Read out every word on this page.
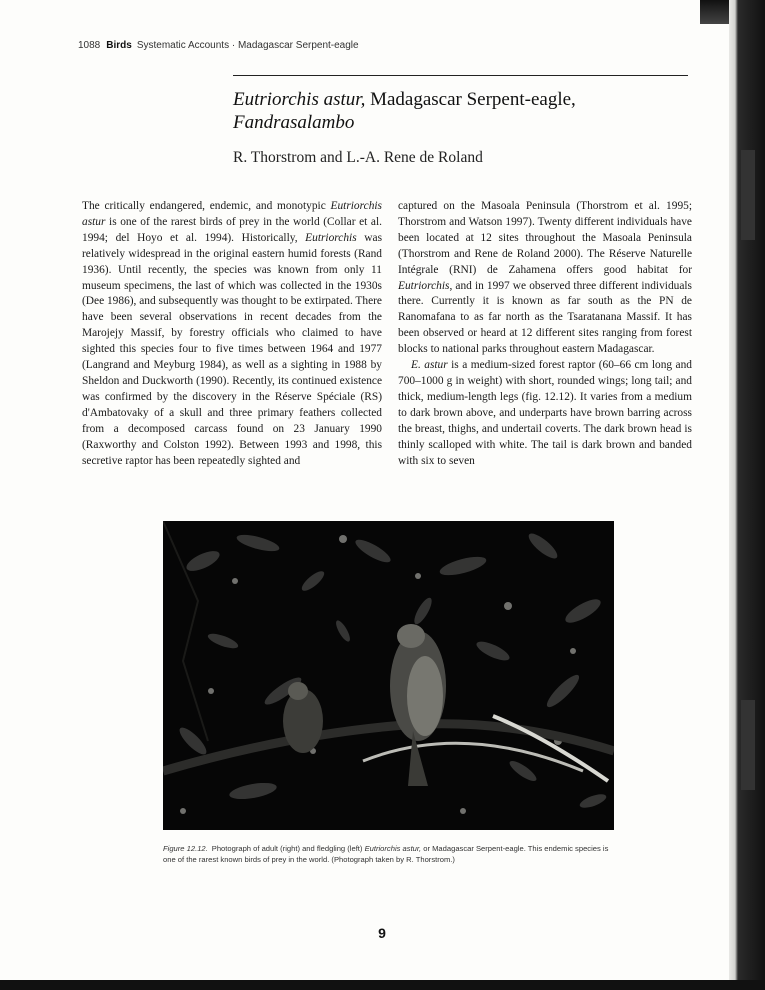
1088 Birds Systematic Accounts · Madagascar Serpent-eagle
Eutriorchis astur, Madagascar Serpent-eagle,
Fandrasalambo
R. Thorstrom and L.-A. Rene de Roland

The critically endangered, endemic, and monotypic Eutriorchis astur is one of the rarest birds of prey in the world (Collar et al. 1994; del Hoyo et al. 1994). Historically, Eutriorchis was relatively widespread in the original eastern humid forests (Rand 1936). Until recently, the species was known from only 11 museum specimens, the last of which was collected in the 1930s (Dee 1986), and subsequently was thought to be extirpated. There have been several observations in recent decades from the Marojejy Massif, by forestry officials who claimed to have sighted this species four to five times between 1964 and 1977 (Langrand and Meyburg 1984), as well as a sighting in 1988 by Sheldon and Duckworth (1990). Recently, its continued existence was confirmed by the discovery in the Réserve Spéciale (RS) d'Ambatovaky of a skull and three primary feathers collected from a decomposed carcass found on 23 January 1990 (Raxworthy and Colston 1992). Between 1993 and 1998, this secretive raptor has been repeatedly sighted and

captured on the Masoala Peninsula (Thorstrom et al. 1995; Thorstrom and Watson 1997). Twenty different individuals have been located at 12 sites throughout the Masoala Peninsula (Thorstrom and Rene de Roland 2000). The Réserve Naturelle Intégrale (RNI) de Zahamena offers good habitat for Eutriorchis, and in 1997 we observed three different individuals there. Currently it is known as far south as the PN de Ranomafana to as far north as the Tsaratanana Massif. It has been observed or heard at 12 different sites ranging from forest blocks to national parks throughout eastern Madagascar.

E. astur is a medium-sized forest raptor (60–66 cm long and 700–1000 g in weight) with short, rounded wings; long tail; and thick, medium-length legs (fig. 12.12). It varies from a medium to dark brown above, and underparts have brown barring across the breast, thighs, and undertail coverts. The dark brown head is thinly scalloped with white. The tail is dark brown and banded with six to seven

Figure 12.12. Photograph of adult (right) and fledgling (left) Eutriorchis astur, or Madagascar Serpent-eagle. This endemic species is one of the rarest known birds of prey in the world. (Photograph taken by R. Thorstrom.)
9
